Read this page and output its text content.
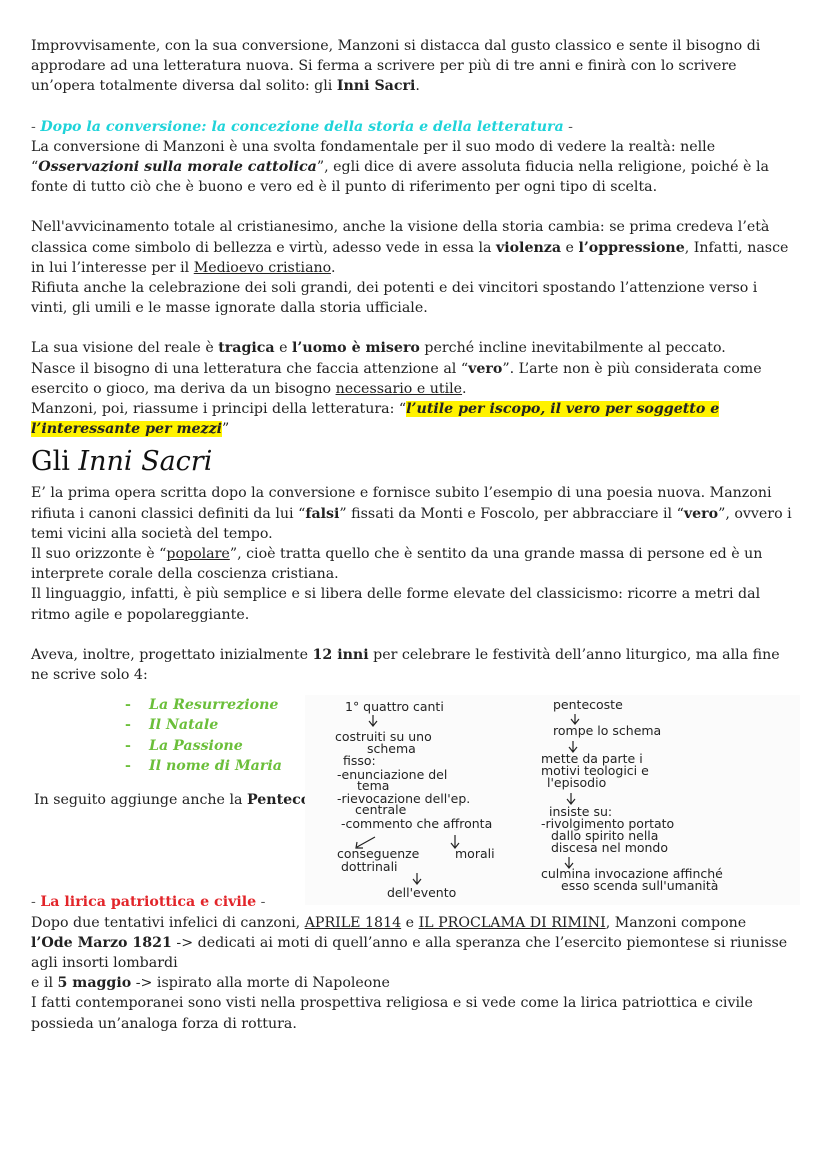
Improvvisamente, con la sua conversione, Manzoni si distacca dal gusto classico e sente il bisogno di approdare ad una letteratura nuova. Si ferma a scrivere per più di tre anni e finirà con lo scrivere un’opera totalmente diversa dal solito: gli Inni Sacri.

- Dopo la conversione: la concezione della storia e della letteratura -

La conversione di Manzoni è una svolta fondamentale per il suo modo di vedere la realtà: nelle “Osservazioni sulla morale cattolica”, egli dice di avere assoluta fiducia nella religione, poiché è la fonte di tutto ciò che è buono e vero ed è il punto di riferimento per ogni tipo di scelta.

Nell'avvicinamento totale al cristianesimo, anche la visione della storia cambia: se prima credeva l’età classica come simbolo di bellezza e virtù, adesso vede in essa la violenza e l’oppressione, Infatti, nasce in lui l’interesse per il Medioevo cristiano.

Rifiuta anche la celebrazione dei soli grandi, dei potenti e dei vincitori spostando l’attenzione verso i vinti, gli umili e le masse ignorate dalla storia ufficiale.

La sua visione del reale è tragica e l’uomo è misero perché incline inevitabilmente al peccato.

Nasce il bisogno di una letteratura che faccia attenzione al “vero”. L’arte non è più considerata come esercito o gioco, ma deriva da un bisogno necessario e utile.

Manzoni, poi, riassume i principi della letteratura: “l’utile per iscopo, il vero per soggetto e l’interessante per mezzi”

Gli Inni Sacri

E’ la prima opera scritta dopo la conversione e fornisce subito l’esempio di una poesia nuova. Manzoni rifiuta i canoni classici definiti da lui “falsi” fissati da Monti e Foscolo, per abbracciare il “vero”, ovvero i temi vicini alla società del tempo.

Il suo orizzonte è “popolare”, cioè tratta quello che è sentito da una grande massa di persone ed è un interprete corale della coscienza cristiana.

Il linguaggio, infatti, è più semplice e si libera delle forme elevate del classicismo: ricorre a metri dal ritmo agile e popolareggiante.

Aveva, inoltre, progettato inizialmente 12 inni per celebrare le festività dell’anno liturgico, ma alla fine ne scrive solo 4:

- La Resurrezione
- Il Natale
- La Passione
- Il nome di Maria

In seguito aggiunge anche la Pentecoste

- La lirica patriottica e civile -

Dopo due tentativi infelici di canzoni, APRILE 1814 e IL PROCLAMA DI RIMINI, Manzoni compone

l’Ode Marzo 1821 -> dedicati ai moti di quell’anno e alla speranza che l’esercito piemontese si riunisse agli insorti lombardi

e il 5 maggio -> ispirato alla morte di Napoleone

I fatti contemporanei sono visti nella prospettiva religiosa e si vede come la lirica patriottica e civile possieda un’analoga forza di rottura.

1° quattro canti
costruiti su uno
schema
fisso:
-enunciazione del
tema
-rievocazione dell'ep.
centrale
-commento che affronta
conseguenze
dottrinali
morali
dell'evento
pentecoste
rompe lo schema
mette da parte i
motivi teologici e
l'episodio
insiste su:
-rivolgimento portato
dallo spirito nella
discesa nel mondo
culmina invocazione affinché
esso scenda sull'umanità
